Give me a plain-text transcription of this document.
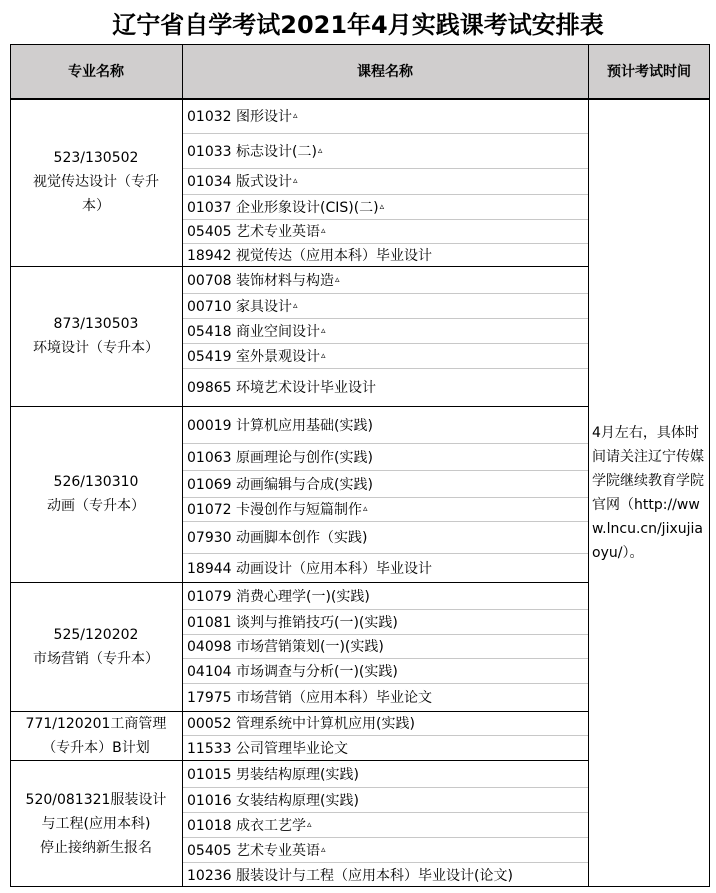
辽宁省自学考试2021年4月实践课考试安排表
专业名称	课程名称	预计考试时间
523/130502
视觉传达设计（专升
本）
01032 图形设计 ▵
01033 标志设计(二) ▵
01034 版式设计 ▵
01037 企业形象设计(CIS)(二) ▵
05405 艺术专业英语 ▵
18942 视觉传达（应用本科）毕业设计
873/130503
环境设计（专升本）
00708 装饰材料与构造 ▵
00710 家具设计 ▵
05418 商业空间设计 ▵
05419 室外景观设计 ▵
09865 环境艺术设计毕业设计
526/130310
动画（专升本）
00019 计算机应用基础(实践)
01063 原画理论与创作(实践)
01069 动画编辑与合成(实践)
01072 卡漫创作与短篇制作 ▵
07930 动画脚本创作（实践)
18944 动画设计（应用本科）毕业设计
525/120202
市场营销（专升本）
01079 消费心理学(一)(实践)
01081 谈判与推销技巧(一)(实践)
04098 市场营销策划(一)(实践)
04104 市场调查与分析(一)(实践)
17975 市场营销（应用本科）毕业论文
771/120201工商管理
（专升本）B计划
00052 管理系统中计算机应用(实践)
11533 公司管理毕业论文
520/081321服装设计
与工程(应用本科)
停止接纳新生报名
01015 男装结构原理(实践)
01016 女装结构原理(实践)
01018 成衣工艺学 ▵
05405 艺术专业英语 ▵
10236 服装设计与工程（应用本科）毕业设计(论文)
4月左右，具体时间请关注辽宁传媒学院继续教育学院官网（http://www.lncu.cn/jixujiaoyu/）。
